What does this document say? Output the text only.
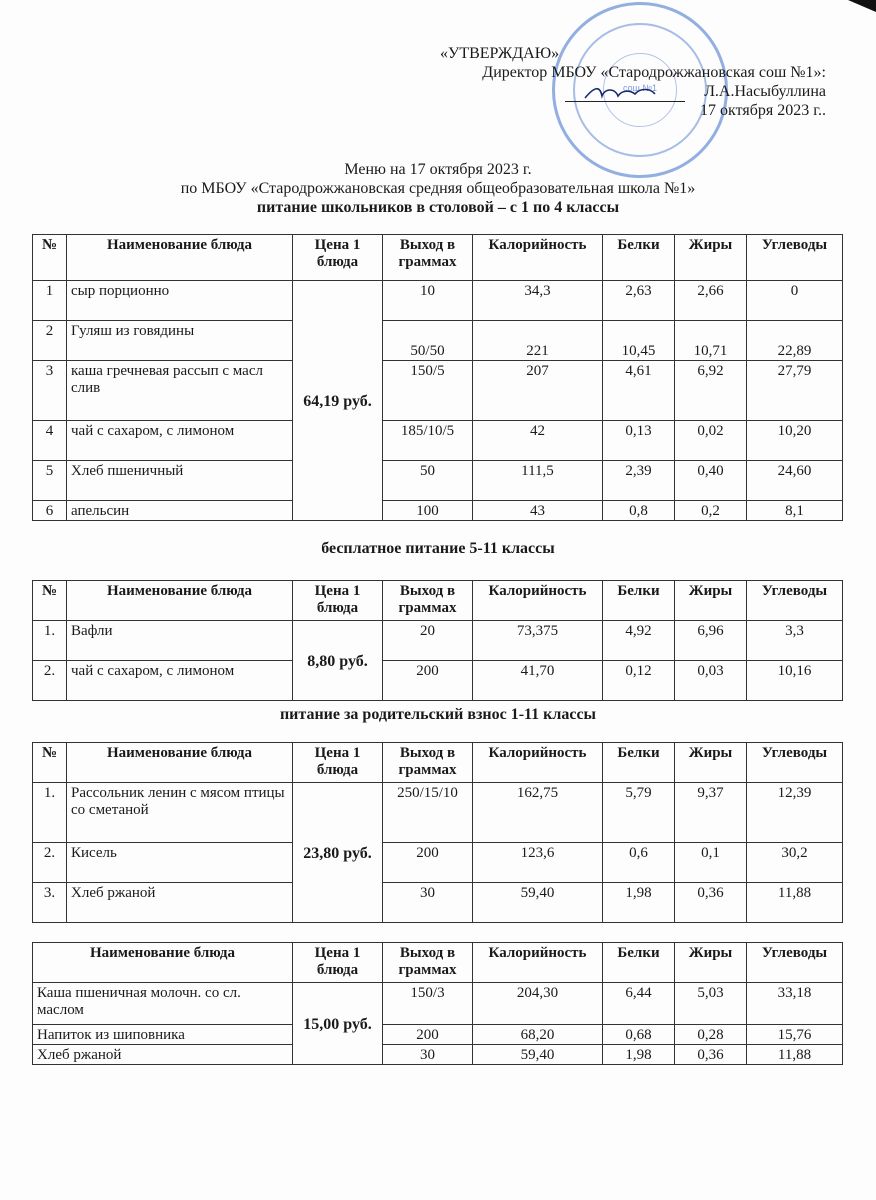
сош №1
«УТВЕРЖДАЮ»
Директор МБОУ «Стародрожжановская сош №1»:
Л.А.Насыбуллина
17 октября 2023 г..
Меню на 17 октября 2023 г.
по МБОУ «Стародрожжановская средняя общеобразовательная школа №1»
питание школьников в столовой – с 1 по 4 классы
№	Наименование блюда	Цена 1 блюда	Выход в граммах	Калорийность	Белки	Жиры	Углеводы
1	сыр порционно	64,19 руб.	10	34,3	2,63	2,66	0
2	Гуляш из говядины		50/50	221	10,45	10,71	22,89
3	каша гречневая рассып с масл слив		150/5	207	4,61	6,92	27,79
4	чай с сахаром, с лимоном		185/10/5	42	0,13	0,02	10,20
5	Хлеб пшеничный		50	111,5	2,39	0,40	24,60
6	апельсин		100	43	0,8	0,2	8,1
бесплатное питание 5-11 классы
№	Наименование блюда	Цена 1 блюда	Выход в граммах	Калорийность	Белки	Жиры	Углеводы
1.	Вафли	8,80 руб.	20	73,375	4,92	6,96	3,3
2.	чай с сахаром, с лимоном		200	41,70	0,12	0,03	10,16
питание за родительский взнос 1-11 классы
№	Наименование блюда	Цена 1 блюда	Выход в граммах	Калорийность	Белки	Жиры	Углеводы
1.	Рассольник ленин с мясом птицы со сметаной	23,80 руб.	250/15/10	162,75	5,79	9,37	12,39
2.	Кисель		200	123,6	0,6	0,1	30,2
3.	Хлеб ржаной		30	59,40	1,98	0,36	11,88
Наименование блюда	Цена 1 блюда	Выход в граммах	Калорийность	Белки	Жиры	Углеводы
Каша пшеничная молочн. со сл. маслом	15,00 руб.	150/3	204,30	6,44	5,03	33,18
Напиток из шиповника		200	68,20	0,68	0,28	15,76
Хлеб ржаной		30	59,40	1,98	0,36	11,88
